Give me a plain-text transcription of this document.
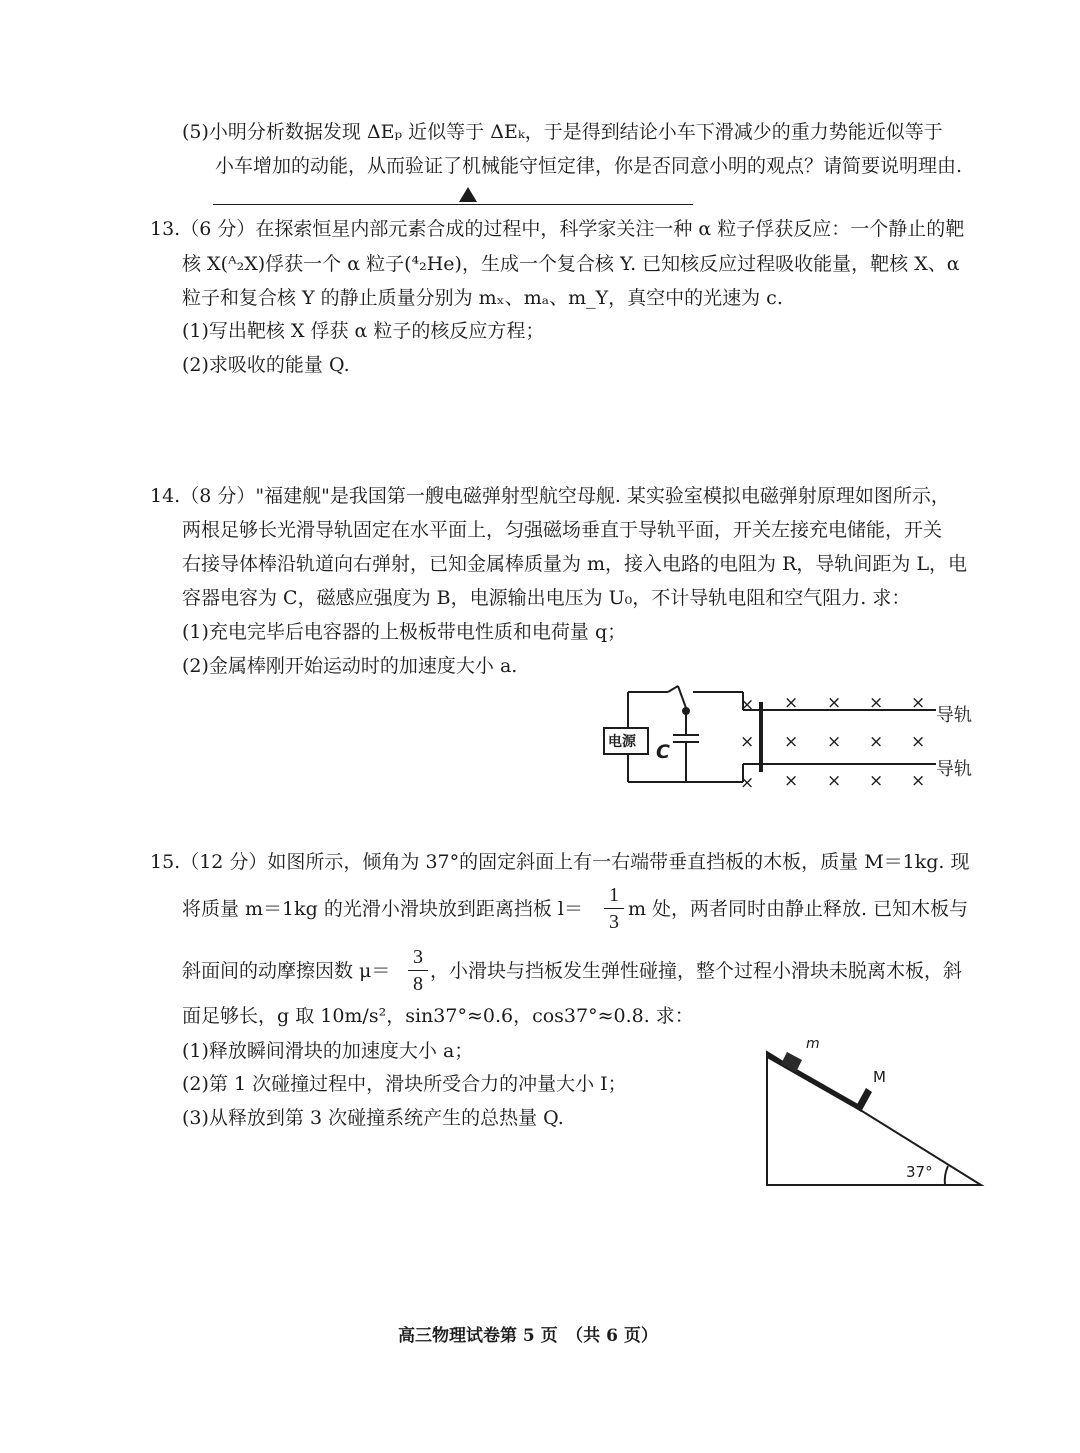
(5)小明分析数据发现 ΔEₚ 近似等于 ΔEₖ，于是得到结论小车下滑减少的重力势能近似等于
小车增加的动能，从而验证了机械能守恒定律，你是否同意小明的观点？请简要说明理由.
13.（6 分）在探索恒星内部元素合成的过程中，科学家关注一种 α 粒子俘获反应：一个静止的靶
核 X(ᴬ₂X)俘获一个 α 粒子(⁴₂He)，生成一个复合核 Y. 已知核反应过程吸收能量，靶核 X、α
粒子和复合核 Y 的静止质量分别为 mₓ、mₐ、m_Y，真空中的光速为 c.
(1)写出靶核 X 俘获 α 粒子的核反应方程；
(2)求吸收的能量 Q.
14.（8 分）"福建舰"是我国第一艘电磁弹射型航空母舰. 某实验室模拟电磁弹射原理如图所示，
两根足够长光滑导轨固定在水平面上，匀强磁场垂直于导轨平面，开关左接充电储能，开关
右接导体棒沿轨道向右弹射，已知金属棒质量为 m，接入电路的电阻为 R，导轨间距为 L，电
容器电容为 C，磁感应强度为 B，电源输出电压为 U₀，不计导轨电阻和空气阻力. 求：
(1)充电完毕后电容器的上极板带电性质和电荷量 q；
(2)金属棒刚开始运动时的加速度大小 a.
电源 C
导轨
导轨
× × × × ×
× × × × ×
× × × × ×
15.（12 分）如图所示，倾角为 37°的固定斜面上有一右端带垂直挡板的木板，质量 M＝1kg. 现
将质量 m＝1kg 的光滑小滑块放到距离挡板 l＝
1
3
m 处，两者同时由静止释放. 已知木板与
斜面间的动摩擦因数 μ＝
3
8
，小滑块与挡板发生弹性碰撞，整个过程小滑块未脱离木板，斜
面足够长，g 取 10m/s²，sin37°≈0.6，cos37°≈0.8. 求：
(1)释放瞬间滑块的加速度大小 a；
(2)第 1 次碰撞过程中，滑块所受合力的冲量大小 I；
(3)从释放到第 3 次碰撞系统产生的总热量 Q.
m
M
37°
高三物理试卷第 5 页　（共 6 页）
